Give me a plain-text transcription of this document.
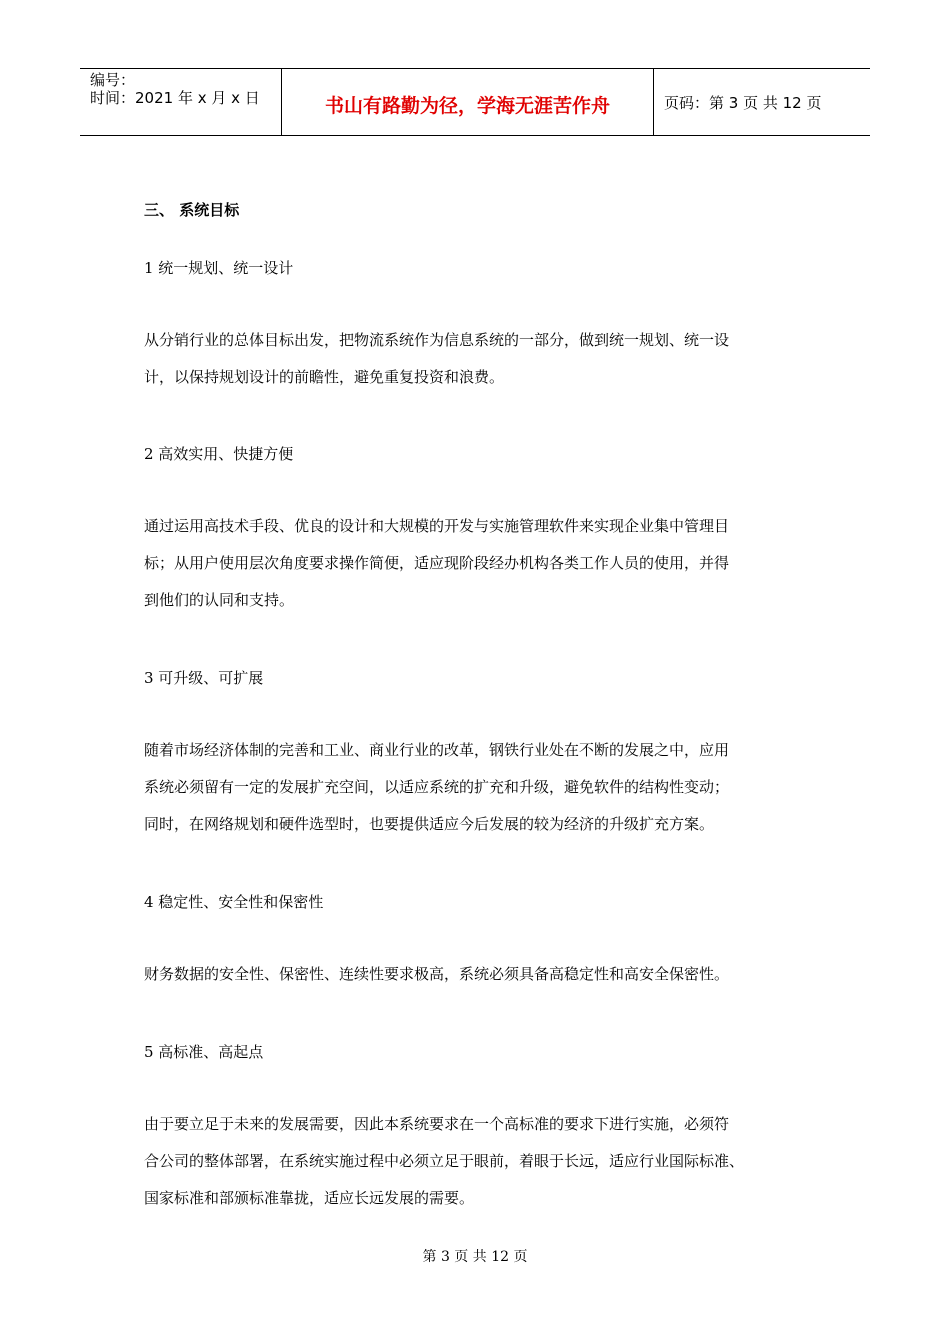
编号：
时间：2021 年 x 月 x 日	书山有路勤为径，学海无涯苦作舟	页码：第 3 页 共 12 页
三、 系统目标
1 统一规划、统一设计
从分销行业的总体目标出发，把物流系统作为信息系统的一部分，做到统一规划、统一设
计，以保持规划设计的前瞻性，避免重复投资和浪费。
2 高效实用、快捷方便
通过运用高技术手段、优良的设计和大规模的开发与实施管理软件来实现企业集中管理目
标；从用户使用层次角度要求操作简便，适应现阶段经办机构各类工作人员的使用，并得
到他们的认同和支持。
3 可升级、可扩展
随着市场经济体制的完善和工业、商业行业的改革，钢铁行业处在不断的发展之中，应用
系统必须留有一定的发展扩充空间，以适应系统的扩充和升级，避免软件的结构性变动；
同时，在网络规划和硬件选型时，也要提供适应今后发展的较为经济的升级扩充方案。
4 稳定性、安全性和保密性
财务数据的安全性、保密性、连续性要求极高，系统必须具备高稳定性和高安全保密性。
5 高标准、高起点
由于要立足于未来的发展需要，因此本系统要求在一个高标准的要求下进行实施，必须符
合公司的整体部署，在系统实施过程中必须立足于眼前，着眼于长远，适应行业国际标准、
国家标准和部颁标准靠拢，适应长远发展的需要。
第 3 页 共 12 页
